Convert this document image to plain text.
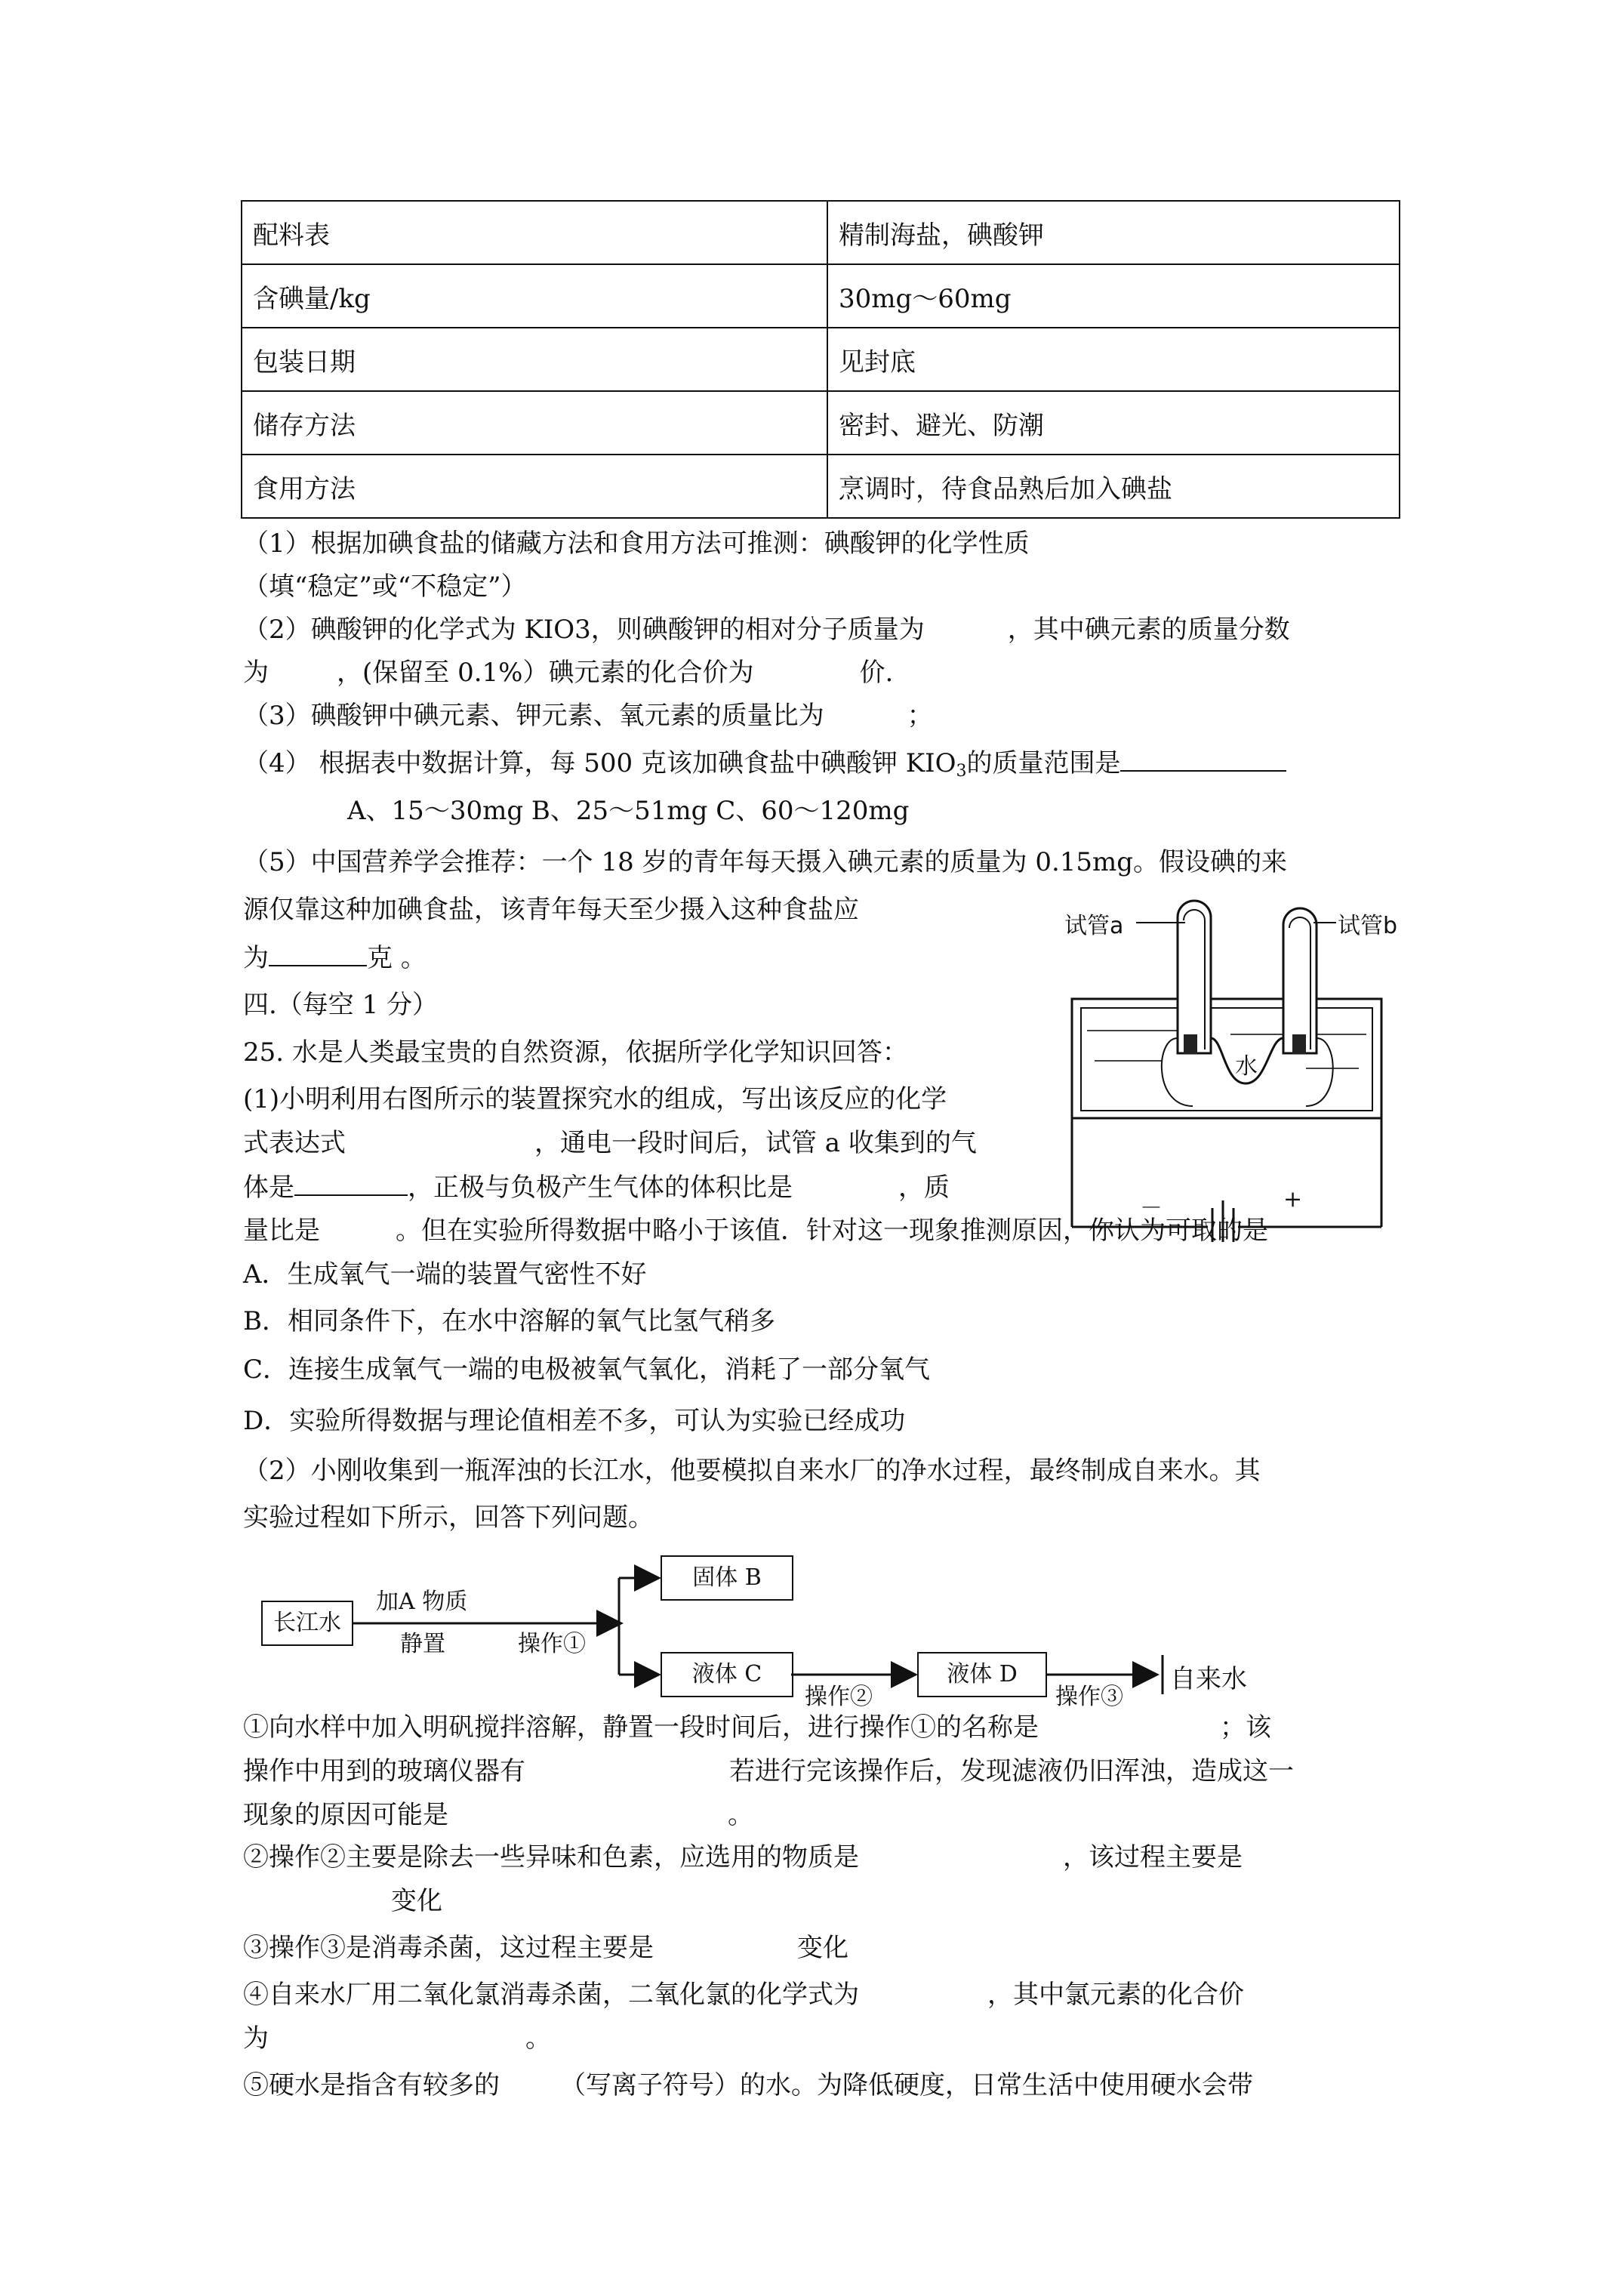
配料表	精制海盐，碘酸钾
含碘量/kg	30mg～60mg
包装日期	见封底
储存方法	密封、避光、防潮
食用方法	烹调时，待食品熟后加入碘盐
（1）根据加碘食盐的储藏方法和食用方法可推测：碘酸钾的化学性质
（填“稳定”或“不稳定”）
（2）碘酸钾的化学式为 KIO3，则碘酸钾的相对分子质量为	，其中碘元素的质量分数
为	，(保留至 0.1%）碘元素的化合价为	价.
（3）碘酸钾中碘元素、钾元素、氧元素的质量比为	；
（4） 根据表中数据计算，每 500 克该加碘食盐中碘酸钾 $KIO_3$的质量范围是
A、15～30mg B、25～51mg C、60～120mg
（5）中国营养学会推荐：一个 18 岁的青年每天摄入碘元素的质量为 0.15mg。假设碘的来
源仅靠这种加碘食盐，该青年每天至少摄入这种食盐应
为	克 。
四.（每空 1 分）
25. 水是人类最宝贵的自然资源，依据所学化学知识回答：
(1)小明利用右图所示的装置探究水的组成，写出该反应的化学
式表达式	，通电一段时间后，试管 a 收集到的气
体是	，正极与负极产生气体的体积比是	，质
量比是	。但在实验所得数据中略小于该值．针对这一现象推测原因，你认为可取的是
A．生成氧气一端的装置气密性不好
B．相同条件下，在水中溶解的氧气比氢气稍多
C．连接生成氧气一端的电极被氧气氧化，消耗了一部分氧气
D．实验所得数据与理论值相差不多，可认为实验已经成功
（2）小刚收集到一瓶浑浊的长江水，他要模拟自来水厂的净水过程，最终制成自来水。其
实验过程如下所示，回答下列问题。
试管a	试管b
水
－	+
长江水
加A 物质
静置	操作①
固体 B
液体 C
操作②
液体 D
操作③
自来水
①向水样中加入明矾搅拌溶解，静置一段时间后，进行操作①的名称是	；该
操作中用到的玻璃仪器有	若进行完该操作后，发现滤液仍旧浑浊，造成这一
现象的原因可能是	。
②操作②主要是除去一些异味和色素，应选用的物质是	，该过程主要是
变化
③操作③是消毒杀菌，这过程主要是	变化
④自来水厂用二氧化氯消毒杀菌，二氧化氯的化学式为	，其中氯元素的化合价
为	。
⑤硬水是指含有较多的 （写离子符号）的水。为降低硬度，日常生活中使用硬水会带
